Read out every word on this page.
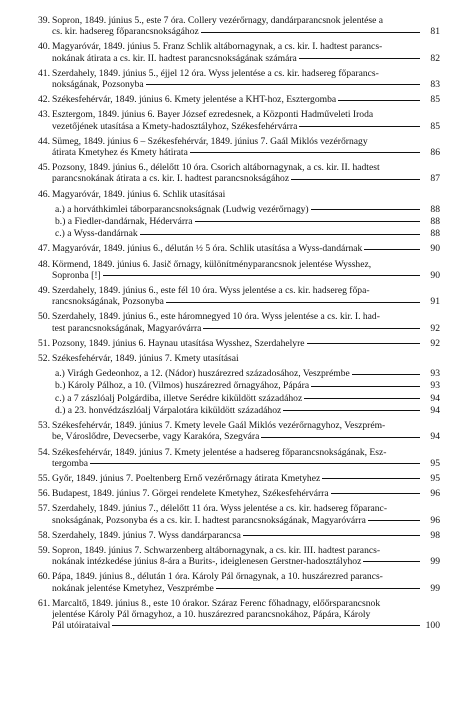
39. Sopron, 1849. június 5., este 7 óra. Collery vezérőrnagy, dandárparancsnok jelentése a
cs. kir. hadsereg főparancsnokságához	81
40. Magyaróvár, 1849. június 5. Franz Schlik altábornagynak, a cs. kir. I. hadtest parancs-
nokának átirata a cs. kir. II. hadtest parancsnokságának számára	82
41. Szerdahely, 1849. június 5., éjjel 12 óra. Wyss jelentése a cs. kir. hadsereg főparancs-
nokságának, Pozsonyba	83
42. Székesfehérvár, 1849. június 6. Kmety jelentése a KHT-hoz, Esztergomba	85
43. Esztergom, 1849. június 6. Bayer József ezredesnek, a Központi Hadműveleti Iroda
vezetőjének utasítása a Kmety-hadosztályhoz, Székesfehérvárra	85
44. Sümeg, 1849. június 6 – Székesfehérvár, 1849. június 7. Gaál Miklós vezérőrnagy
átirata Kmetyhez és Kmety hátirata	86
45. Pozsony, 1849. június 6., délelőtt 10 óra. Csorich altábornagynak, a cs. kir. II. hadtest
parancsnokának átirata a cs. kir. I. hadtest parancsnokságához	87
46. Magyaróvár, 1849. június 6. Schlik utasításai
a.) a horváthkimlei táborparancsnokságnak (Ludwig vezérőrnagy)	88
b.) a Fiedler-dandárnak, Hédervárra	88
c.) a Wyss-dandárnak	88
47. Magyaróvár, 1849. június 6., délután ½ 5 óra. Schlik utasítása a Wyss-dandárnak	90
48. Körmend, 1849. június 6. Jasič őrnagy, különítményparancsnok jelentése Wysshez,
Sopronba [!]	90
49. Szerdahely, 1849. június 6., este fél 10 óra. Wyss jelentése a cs. kir. hadsereg főpa-
rancsnokságának, Pozsonyba	91
50. Szerdahely, 1849. június 6., este háromnegyed 10 óra. Wyss jelentése a cs. kir. I. had-
test parancsnokságának, Magyaróvárra	92
51. Pozsony, 1849. június 6. Haynau utasítása Wysshez, Szerdahelyre	92
52. Székesfehérvár, 1849. június 7. Kmety utasításai
a.) Virágh Gedeonhoz, a 12. (Nádor) huszárezred századosához, Veszprémbe	93
b.) Károly Pálhoz, a 10. (Vilmos) huszárezred őrnagyához, Pápára	93
c.) a 7 zászlóalj Polgárdiba, illetve Serédre kiküldött századához	94
d.) a 23. honvédzászlóalj Várpalotára kiküldött századához	94
53. Székesfehérvár, 1849. június 7. Kmety levele Gaál Miklós vezérőrnagyhoz, Veszprém-
be, Városlődre, Devecserbe, vagy Karakóra, Szegvára	94
54. Székesfehérvár, 1849. június 7. Kmety jelentése a hadsereg főparancsnokságának, Esz-
tergomba	95
55. Győr, 1849. június 7. Poeltenberg Ernő vezérőrnagy átirata Kmetyhez	95
56. Budapest, 1849. június 7. Görgei rendelete Kmetyhez, Székesfehérvárra	96
57. Szerdahely, 1849. június 7., délelőtt 11 óra. Wyss jelentése a cs. kir. hadsereg főparanc-
snokságának, Pozsonyba és a cs. kir. I. hadtest parancsnokságának, Magyaróvárra	96
58. Szerdahely, 1849. június 7. Wyss dandárparancsa	98
59. Sopron, 1849. június 7. Schwarzenberg altábornagynak, a cs. kir. III. hadtest parancs-
nokának intézkedése június 8-ára a Burits-, ideiglenesen Gerstner-hadosztályhoz	99
60. Pápa, 1849. június 8., délután 1 óra. Károly Pál őrnagynak, a 10. huszárezred parancs-
nokának jelentése Kmetyhez, Veszprémbe	99
61. Marcaltő, 1849. június 8., este 10 órakor. Száraz Ferenc főhadnagy, előőrsparancsnok
jelentése Károly Pál őrnagyhoz, a 10. huszárezred parancsnokához, Pápára, Károly
Pál utóirataival	100
